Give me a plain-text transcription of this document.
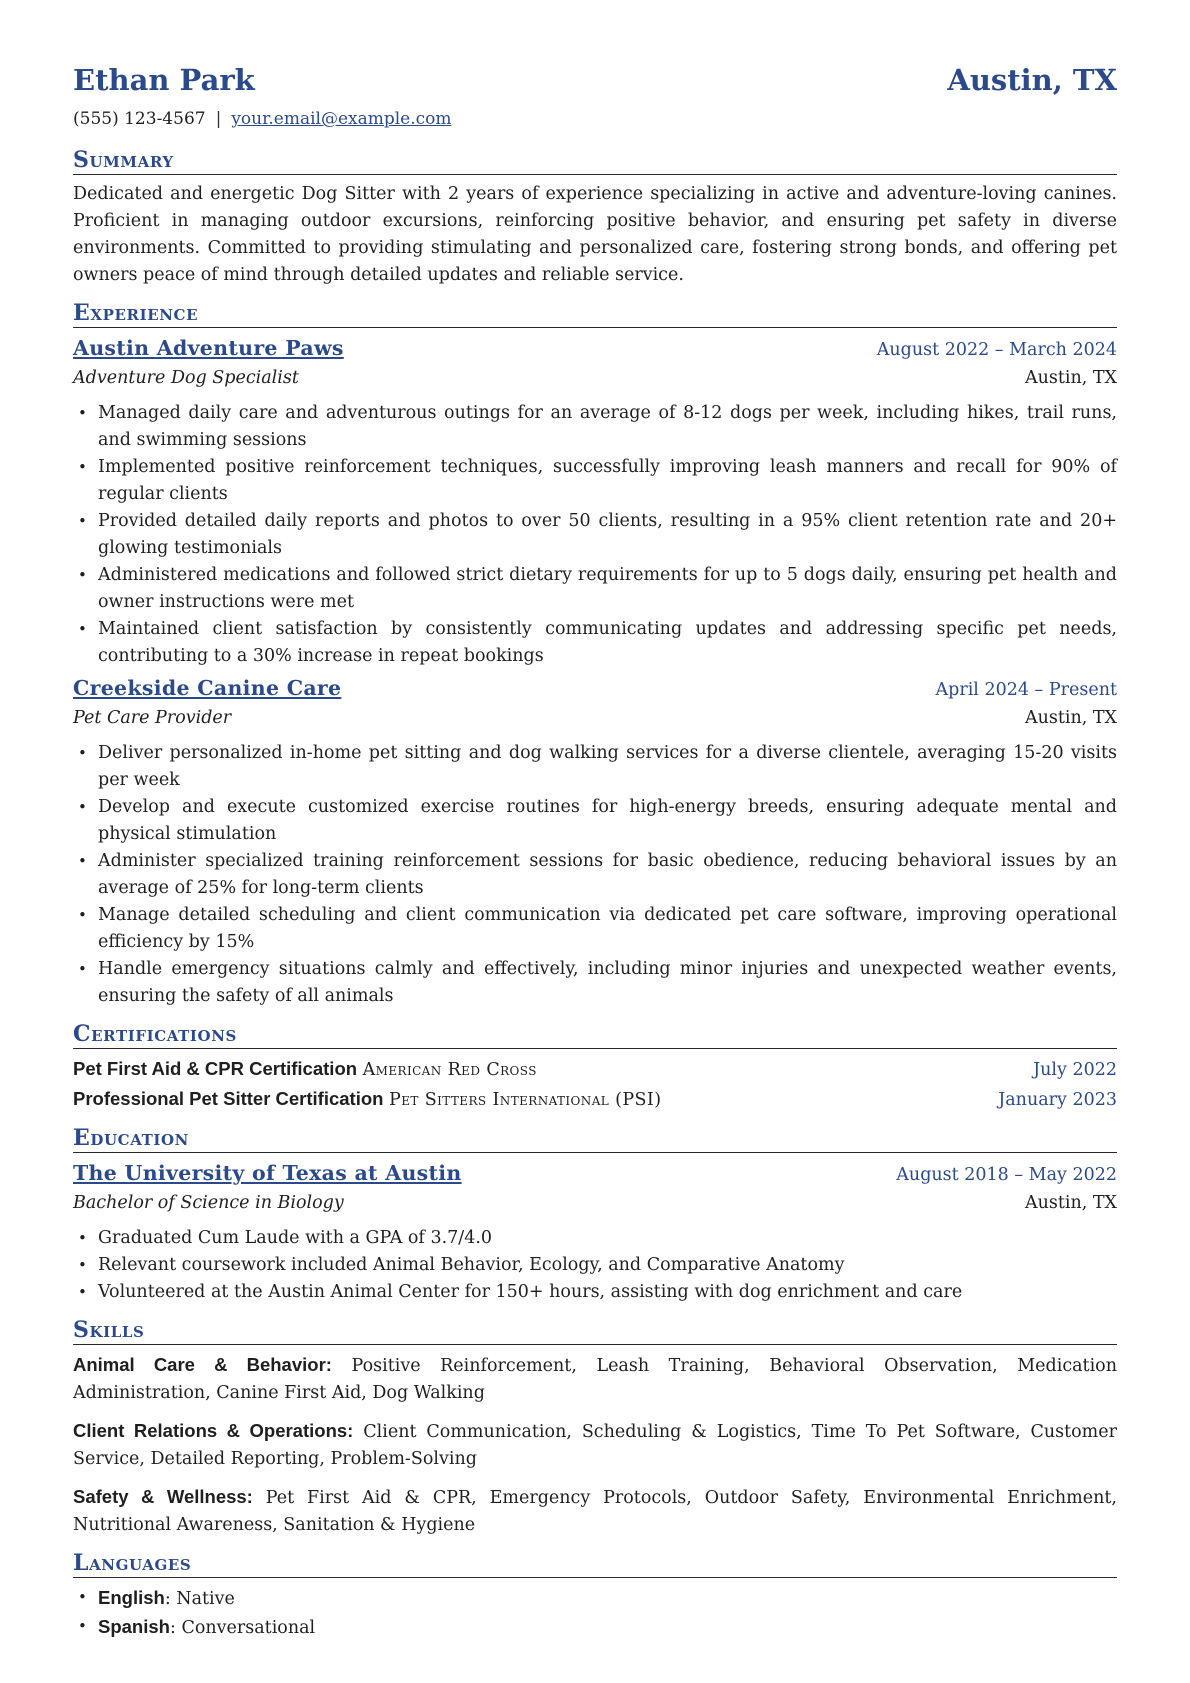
Ethan Park	Austin, TX
(555) 123-4567 | your.email@example.com
Summary

Dedicated and energetic Dog Sitter with 2 years of experience specializing in active and adventure-loving canines. Proficient in managing outdoor excursions, reinforcing positive behavior, and ensuring pet safety in diverse environments. Committed to providing stimulating and personalized care, fostering strong bonds, and offering pet owners peace of mind through detailed updates and reliable service.

Experience
Austin Adventure Paws	August 2022 – March 2024
Adventure Dog Specialist	Austin, TX
• Managed daily care and adventurous outings for an average of 8-12 dogs per week, including hikes, trail runs, and swimming sessions
• Implemented positive reinforcement techniques, successfully improving leash manners and recall for 90% of regular clients
• Provided detailed daily reports and photos to over 50 clients, resulting in a 95% client retention rate and 20+ glowing testimonials
• Administered medications and followed strict dietary requirements for up to 5 dogs daily, ensuring pet health and owner instructions were met
• Maintained client satisfaction by consistently communicating updates and addressing specific pet needs, contributing to a 30% increase in repeat bookings
Creekside Canine Care	April 2024 – Present
Pet Care Provider	Austin, TX
• Deliver personalized in-home pet sitting and dog walking services for a diverse clientele, averaging 15-20 visits per week
• Develop and execute customized exercise routines for high-energy breeds, ensuring adequate mental and physical stimulation
• Administer specialized training reinforcement sessions for basic obedience, reducing behavioral issues by an average of 25% for long-term clients
• Manage detailed scheduling and client communication via dedicated pet care software, improving operational efficiency by 15%
• Handle emergency situations calmly and effectively, including minor injuries and unexpected weather events, ensuring the safety of all animals
Certifications
Pet First Aid & CPR Certification American Red Cross	July 2022
Professional Pet Sitter Certification Pet Sitters International (PSI)	January 2023
Education
The University of Texas at Austin	August 2018 – May 2022
Bachelor of Science in Biology	Austin, TX
• Graduated Cum Laude with a GPA of 3.7/4.0
• Relevant coursework included Animal Behavior, Ecology, and Comparative Anatomy
• Volunteered at the Austin Animal Center for 150+ hours, assisting with dog enrichment and care
Skills
Animal Care & Behavior: Positive Reinforcement, Leash Training, Behavioral Observation, Medication Administration, Canine First Aid, Dog Walking
Client Relations & Operations: Client Communication, Scheduling & Logistics, Time To Pet Software, Customer Service, Detailed Reporting, Problem-Solving
Safety & Wellness: Pet First Aid & CPR, Emergency Protocols, Outdoor Safety, Environmental Enrichment, Nutritional Awareness, Sanitation & Hygiene
Languages
• English: Native
• Spanish: Conversational
